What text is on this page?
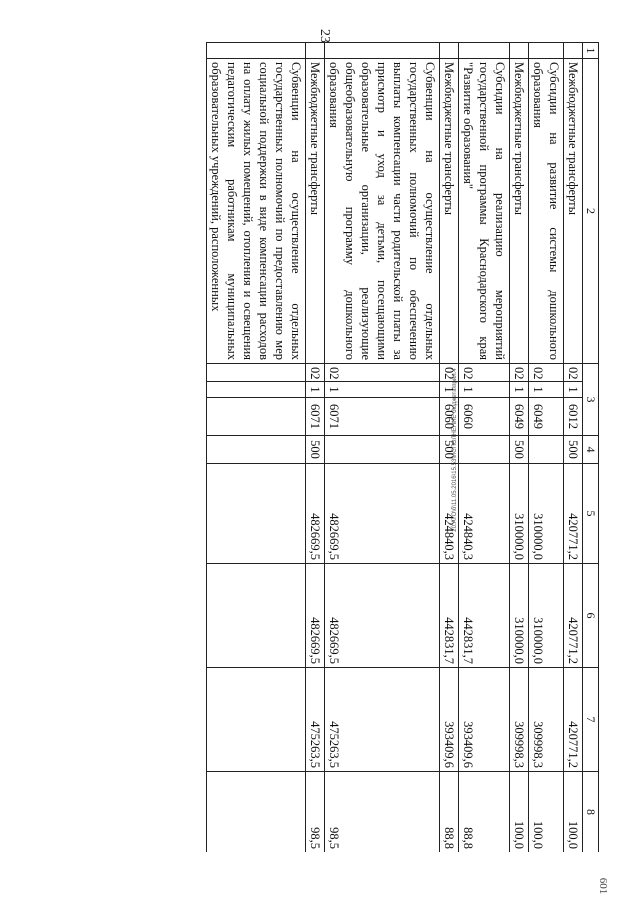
23
20.АТО\б\11.05.2016\15.53\ИСПОЛНЕНИЕ бюджета\прил.4
601
1	2	3			4	5	6	7	8
	Межбюджетные трансферты	02	1	6012	500	420771,2	420771,2	420771,2	100,0
	Субсидии на развитие системы дошкольного образования	02	1	6049		310000,0	310000,0	309998,3	100,0
	Межбюджетные трансферты	02	1	6049	500	310000,0	310000,0	309998,3	100,0
	Субсидии на реализацию мероприятий государственной программы Краснодарского края "Развитие образования"	02	1	6060		424840,3	442831,7	393409,6	88,8
	Межбюджетные трансферты	02	1	6060	500	424840,3	442831,7	393409,6	88,8
	Субвенции на осуществление отдельных государственных полномочий по обеспечению выплаты компенсации части родительской платы за присмотр и уход за детьми, посещающими образовательные организации, реализующие общеобразовательную программу дошкольного образования	02	1	6071		482669,5	482669,5	475263,5	98,5
	Межбюджетные трансферты	02	1	6071	500	482669,5	482669,5	475263,5	98,5
	Субвенции на осуществление отдельных государственных полномочий по предоставлению мер социальной поддержки в виде компенсации расходов на оплату жилых помещений, отопления и освещения педагогическим работникам муниципальных образовательных учреждений, расположенных								
